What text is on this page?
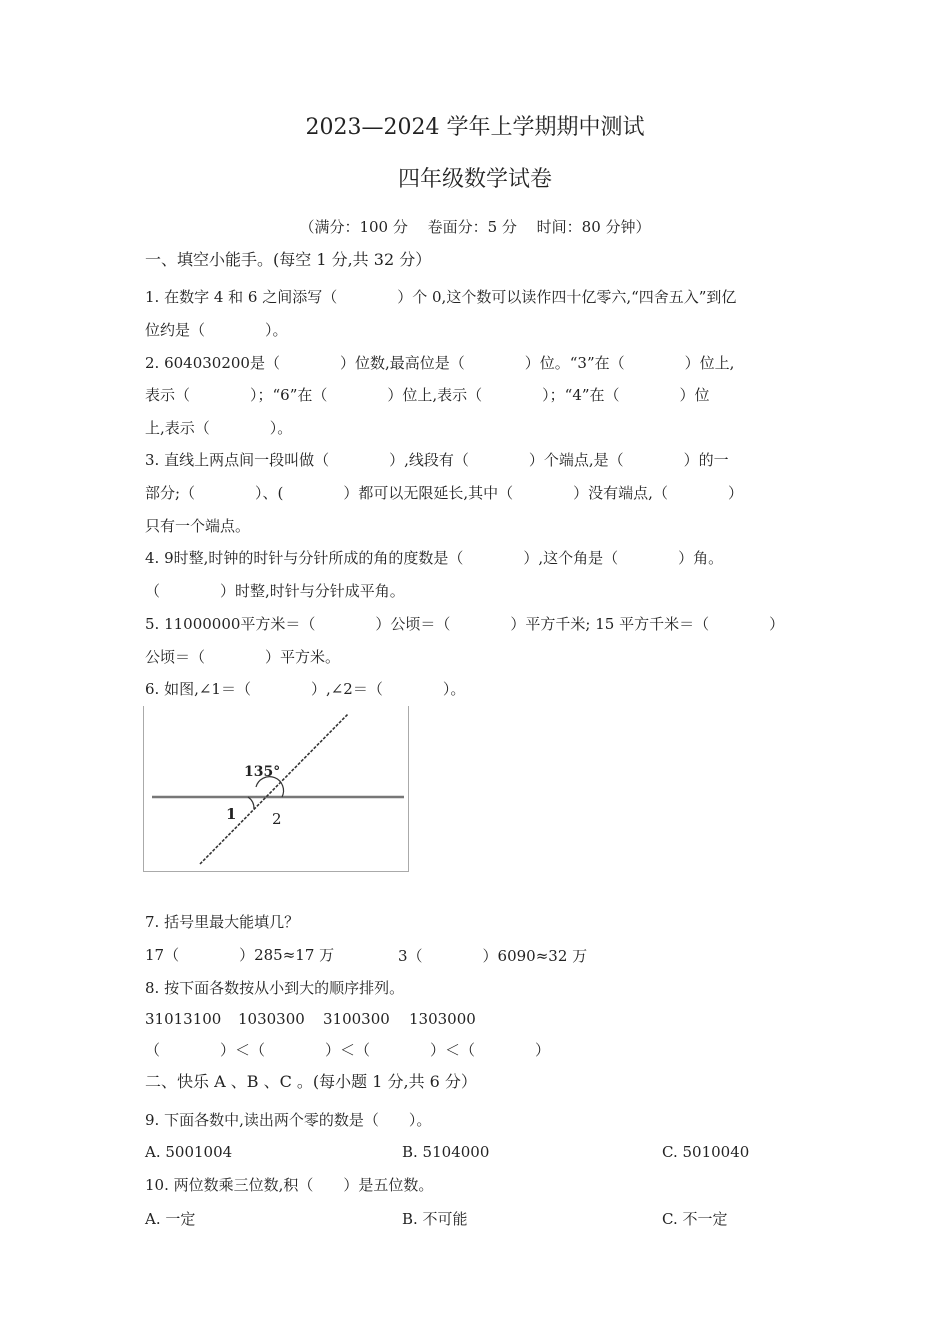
2023—2024 学年上学期期中测试
四年级数学试卷
（满分：100 分　 卷面分：5 分　 时间：80 分钟）
一、填空小能手。(每空 1 分,共 32 分）
1. 在数字 4 和 6 之间添写（　　　　）个 0,这个数可以读作四十亿零六,“四舍五入”到亿
位约是（　　　　）。
2. 604030200是（　　　　）位数,最高位是（　　　　）位。“3”在（　　　　）位上,
表示（　　　　）；“6”在（　　　　）位上,表示（　　　　）；“4”在（　　　　）位
上,表示（　　　　）。
3. 直线上两点间一段叫做（　　　　）,线段有（　　　　）个端点,是（　　　　）的一
部分;（　　　　）、(　　　　）都可以无限延长,其中（　　　　）没有端点,（　　　　）
只有一个端点。
4. 9时整,时钟的时针与分针所成的角的度数是（　　　　）,这个角是（　　　　）角。
（　　　　）时整,时针与分针成平角。
5. 11000000平方米＝（　　　　）公顷＝（　　　　）平方千米; 15 平方千米＝（　　　　）
公顷＝（　　　　）平方米。
6. 如图,∠1＝（　　　　）,∠2＝（　　　　）。
135°
1 2
7. 括号里最大能填几？
17（　　　　）285≈17 万	3（　　　　）6090≈32 万
8. 按下面各数按从小到大的顺序排列。
31013100 1030300 3100300 1303000
（　　　　）＜（　　　　）＜（　　　　）＜（　　　　）
二、快乐 A 、B 、C 。(每小题 1 分,共 6 分）
9. 下面各数中,读出两个零的数是（　　）。
A. 5001004	B. 5104000	C. 5010040
10. 两位数乘三位数,积（　　）是五位数。
A. 一定	B. 不可能	C. 不一定
